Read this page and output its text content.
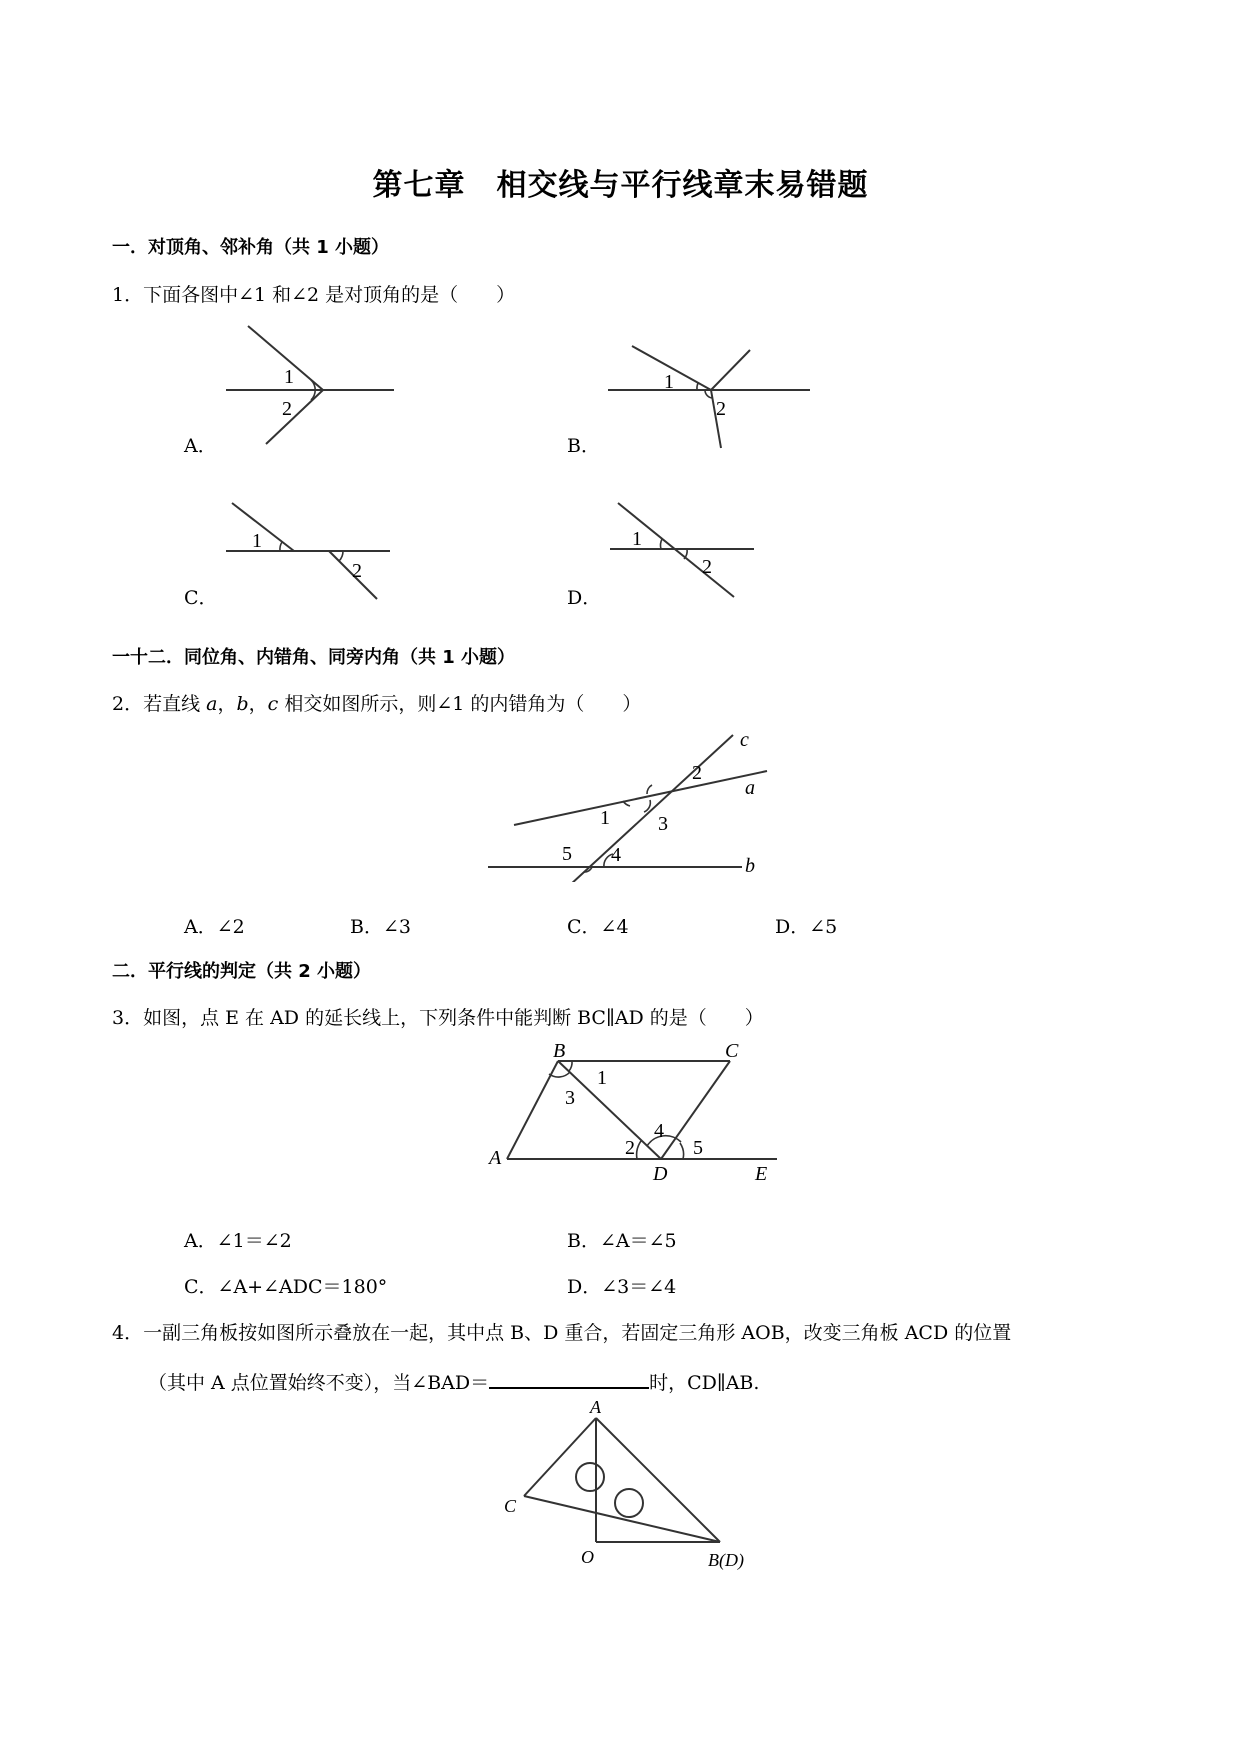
第七章　相交线与平行线章末易错题
一．对顶角、邻补角（共 1 小题）
1．下面各图中∠1 和∠2 是对顶角的是（　　）
A．
1
2
B．
1
2
C．
1
2
D．
1
2
一十二．同位角、内错角、同旁内角（共 1 小题）
2．若直线 a，b，c 相交如图所示，则∠1 的内错角为（　　）
c
a
b
1
2
3
4
5
A．∠2	B．∠3	C．∠4	D．∠5
二．平行线的判定（共 2 小题）
3．如图，点 E 在 AD 的延长线上，下列条件中能判断 BC∥AD 的是（　　）
B	C
A
D	E
1
2
3
4
5
A．∠1＝∠2	B．∠A＝∠5
C．∠A+∠ADC＝180°	D．∠3＝∠4
4．一副三角板按如图所示叠放在一起，其中点 B、D 重合，若固定三角形 AOB，改变三角板 ACD 的位置
（其中 A 点位置始终不变），当∠BAD＝	时，CD∥AB.
A
C
O	B(D)
